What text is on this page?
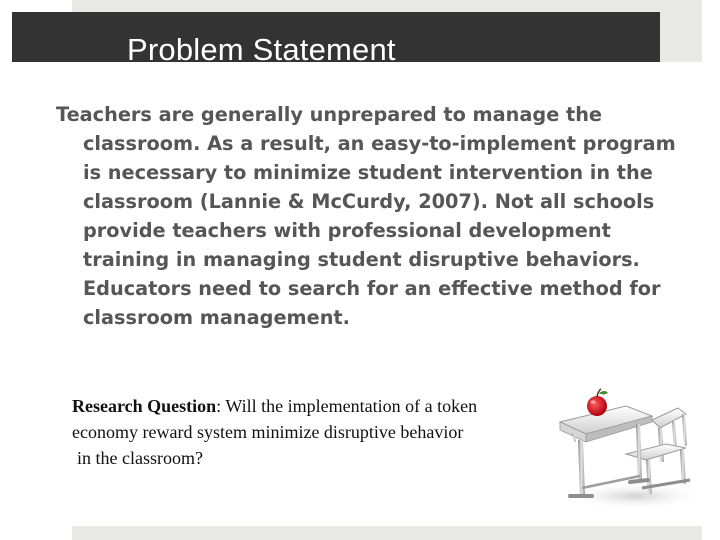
Problem Statement

Teachers are generally unprepared to manage the classroom. As a result, an easy-to-implement program is necessary to minimize student intervention in the classroom (Lannie & McCurdy, 2007). Not all schools provide teachers with professional development training in managing student disruptive behaviors. Educators need to search for an effective method for classroom management.

Research Question: Will the implementation of a token
economy reward system minimize disruptive behavior
in the classroom?
